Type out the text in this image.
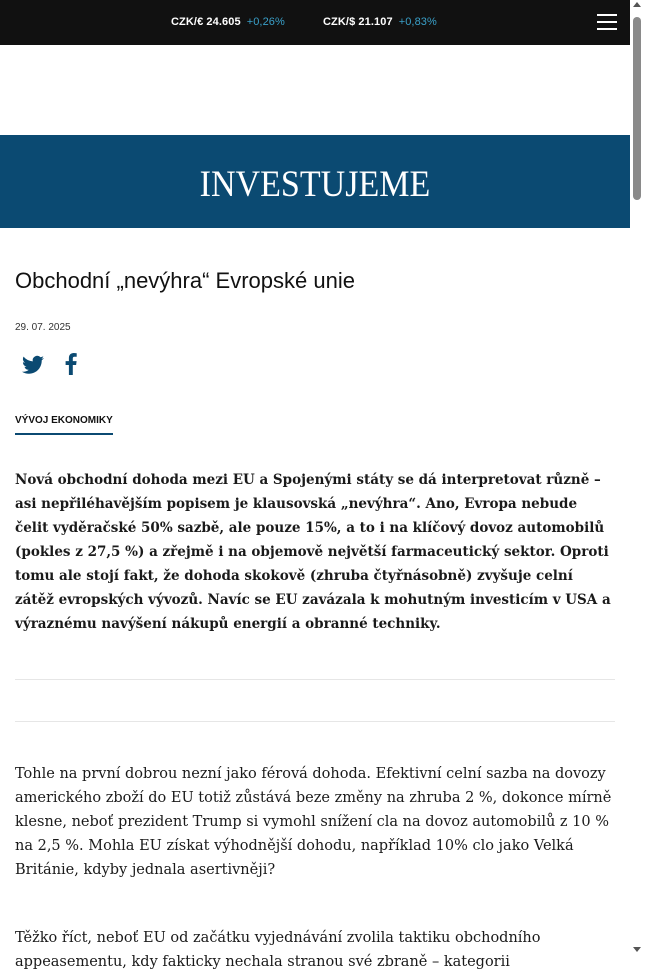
CZK/€ 24.605 +0,26%	CZK/$ 21.107 +0,83%
INVESTUJEME
Obchodní „nevýhra“ Evropské unie
29. 07. 2025
VÝVOJ EKONOMIKY

Nová obchodní dohoda mezi EU a Spojenými státy se dá interpretovat různě – asi nepřiléhavějším popisem je klausovská „nevýhra“. Ano, Evropa nebude čelit vyděračské 50% sazbě, ale pouze 15%, a to i na klíčový dovoz automobilů (pokles z 27,5 %) a zřejmě i na objemově největší farmaceutický sektor. Oproti tomu ale stojí fakt, že dohoda skokově (zhruba čtyřnásobně) zvyšuje celní zátěž evropských vývozů. Navíc se EU zavázala k mohutným investicím v USA a výraznému navýšení nákupů energií a obranné techniky.

Tohle na první dobrou nezní jako férová dohoda. Efektivní celní sazba na dovozy amerického zboží do EU totiž zůstává beze změny na zhruba 2 %, dokonce mírně klesne, neboť prezident Trump si vymohl snížení cla na dovoz automobilů z 10 % na 2,5 %. Mohla EU získat výhodnější dohodu, například 10% clo jako Velká Británie, kdyby jednala asertivněji?

Těžko říct, neboť EU od začátku vyjednávání zvolila taktiku obchodního appeasementu, kdy fakticky nechala stranou své zbraně – kategorii
